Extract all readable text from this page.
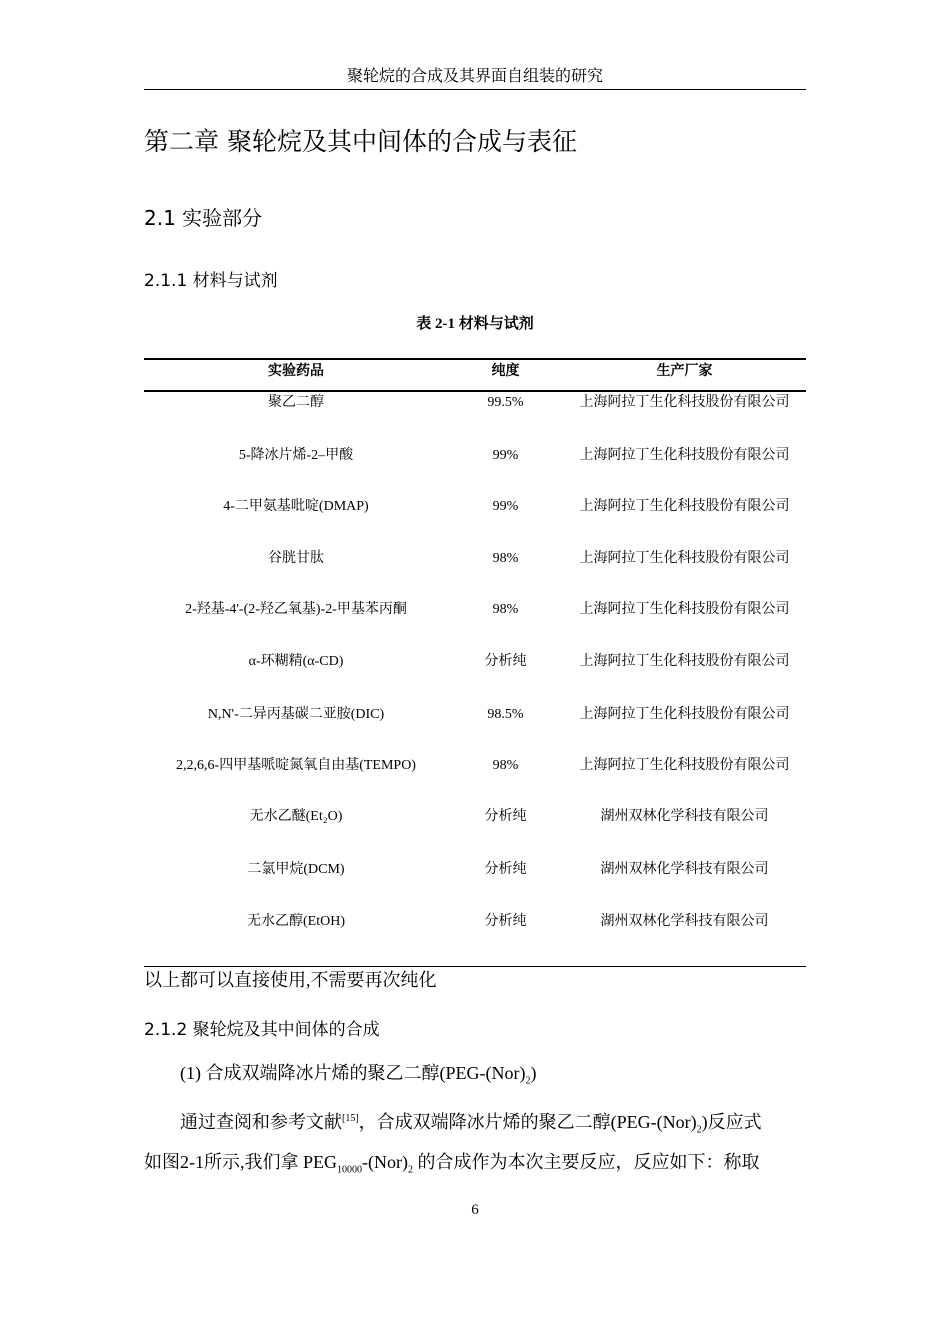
聚轮烷的合成及其界面自组装的研究
第二章 聚轮烷及其中间体的合成与表征
2.1 实验部分
2.1.1 材料与试剂
表 2-1 材料与试剂
实验药品	纯度	生产厂家
聚乙二醇	99.5%	上海阿拉丁生化科技股份有限公司
5-降冰片烯-2–甲酸	99%	上海阿拉丁生化科技股份有限公司
4-二甲氨基吡啶(DMAP)	99%	上海阿拉丁生化科技股份有限公司
谷胱甘肽	98%	上海阿拉丁生化科技股份有限公司
2-羟基-4'-(2-羟乙氧基)-2-甲基苯丙酮	98%	上海阿拉丁生化科技股份有限公司
α-环糊精(α-CD)	分析纯	上海阿拉丁生化科技股份有限公司
N,N'-二异丙基碳二亚胺(DIC)	98.5%	上海阿拉丁生化科技股份有限公司
2,2,6,6-四甲基哌啶氮氧自由基(TEMPO)	98%	上海阿拉丁生化科技股份有限公司
无水乙醚(Et₂O)	分析纯	湖州双林化学科技有限公司
二氯甲烷(DCM)	分析纯	湖州双林化学科技有限公司
无水乙醇(EtOH)	分析纯	湖州双林化学科技有限公司
以上都可以直接使用,不需要再次纯化
2.1.2 聚轮烷及其中间体的合成
(1) 合成双端降冰片烯的聚乙二醇$(PEG-(Nor)_2)$
通过查阅和参考文献[15]，合成双端降冰片烯的聚乙二醇$(PEG-(Nor)_2)$反应式
如图2-1所示,我们拿 $PEG_{10000}-(Nor)_2$ 的合成作为本次主要反应，反应如下：称取
6
